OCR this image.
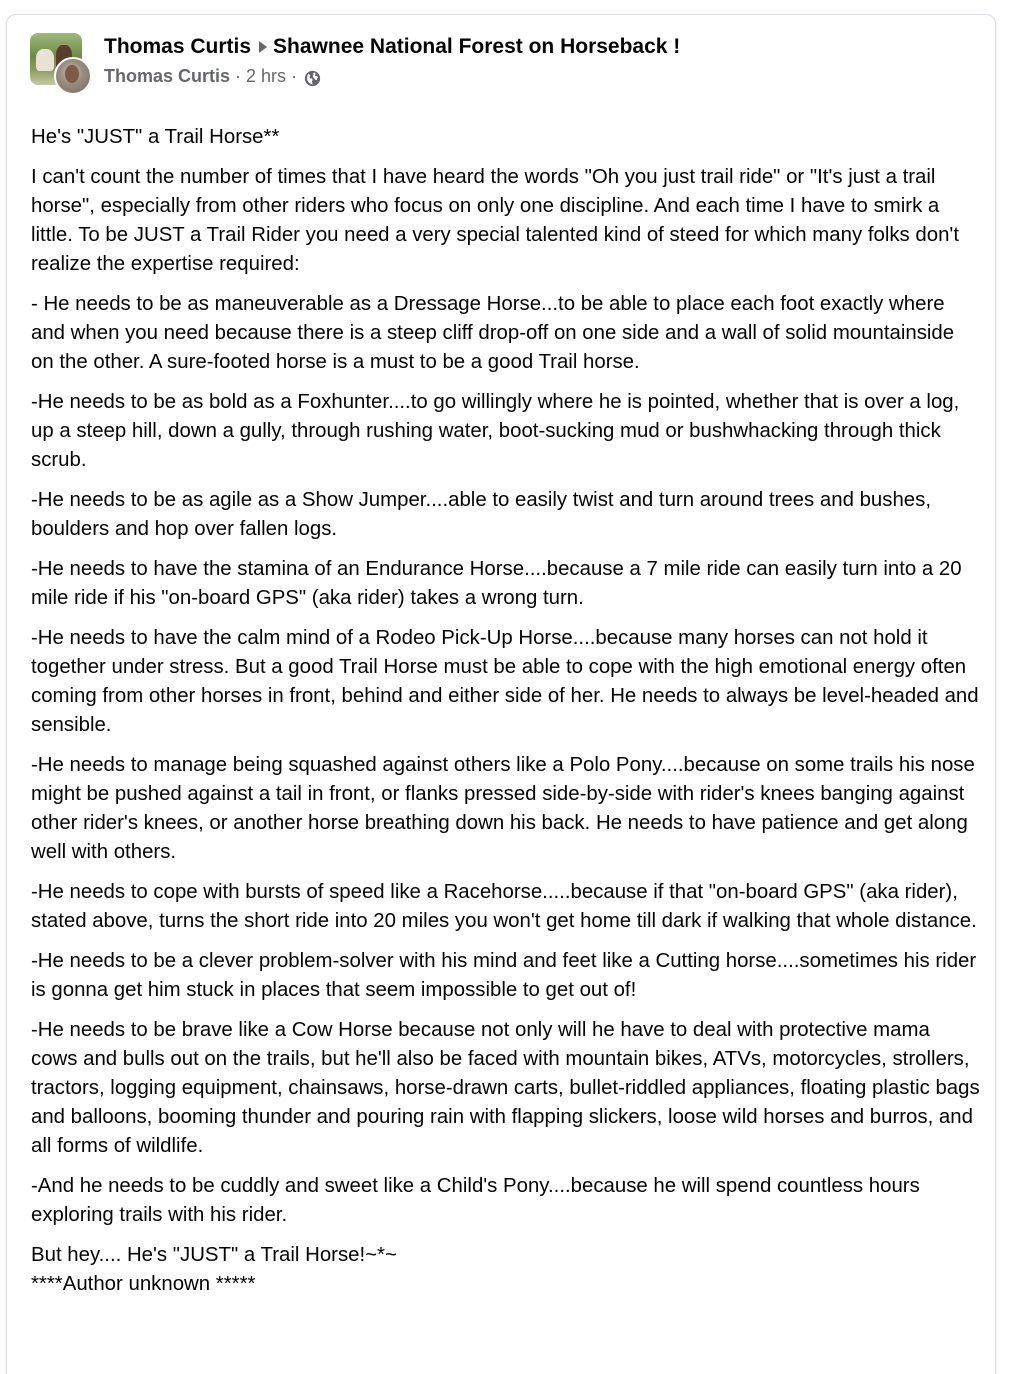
Thomas Curtis Shawnee National Forest on Horseback !
Thomas Curtis · 2 hrs ·

He's "JUST" a Trail Horse**

I can't count the number of times that I have heard the words "Oh you just trail ride" or "It's just a trail horse", especially from other riders who focus on only one discipline. And each time I have to smirk a little. To be JUST a Trail Rider you need a very special talented kind of steed for which many folks don't realize the expertise required:

- He needs to be as maneuverable as a Dressage Horse...to be able to place each foot exactly where and when you need because there is a steep cliff drop-off on one side and a wall of solid mountainside on the other. A sure-footed horse is a must to be a good Trail horse.

-He needs to be as bold as a Foxhunter....to go willingly where he is pointed, whether that is over a log, up a steep hill, down a gully, through rushing water, boot-sucking mud or bushwhacking through thick scrub.

-He needs to be as agile as a Show Jumper....able to easily twist and turn around trees and bushes, boulders and hop over fallen logs.

-He needs to have the stamina of an Endurance Horse....because a 7 mile ride can easily turn into a 20 mile ride if his "on-board GPS" (aka rider) takes a wrong turn.

-He needs to have the calm mind of a Rodeo Pick-Up Horse....because many horses can not hold it together under stress. But a good Trail Horse must be able to cope with the high emotional energy often coming from other horses in front, behind and either side of her. He needs to always be level-headed and sensible.

-He needs to manage being squashed against others like a Polo Pony....because on some trails his nose might be pushed against a tail in front, or flanks pressed side-by-side with rider's knees banging against other rider's knees, or another horse breathing down his back. He needs to have patience and get along well with others.

-He needs to cope with bursts of speed like a Racehorse.....because if that "on-board GPS" (aka rider), stated above, turns the short ride into 20 miles you won't get home till dark if walking that whole distance.

-He needs to be a clever problem-solver with his mind and feet like a Cutting horse....sometimes his rider is gonna get him stuck in places that seem impossible to get out of!

-He needs to be brave like a Cow Horse because not only will he have to deal with protective mama cows and bulls out on the trails, but he'll also be faced with mountain bikes, ATVs, motorcycles, strollers, tractors, logging equipment, chainsaws, horse-drawn carts, bullet-riddled appliances, floating plastic bags and balloons, booming thunder and pouring rain with flapping slickers, loose wild horses and burros, and all forms of wildlife.

-And he needs to be cuddly and sweet like a Child's Pony....because he will spend countless hours exploring trails with his rider.

But hey.... He's "JUST" a Trail Horse!~*~

****Author unknown *****
